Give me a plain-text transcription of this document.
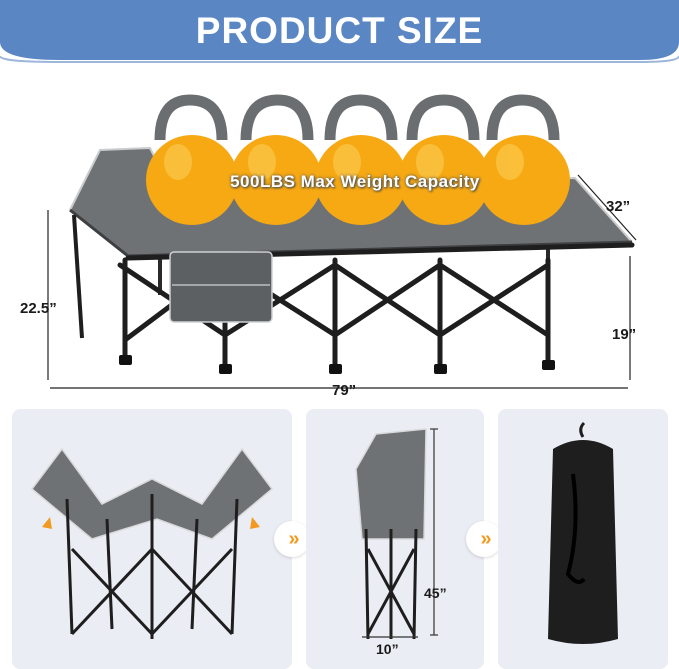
PRODUCT SIZE
500LBS Max Weight Capacity
22.5”
32”
19”
79”
»
45”
10”
»
